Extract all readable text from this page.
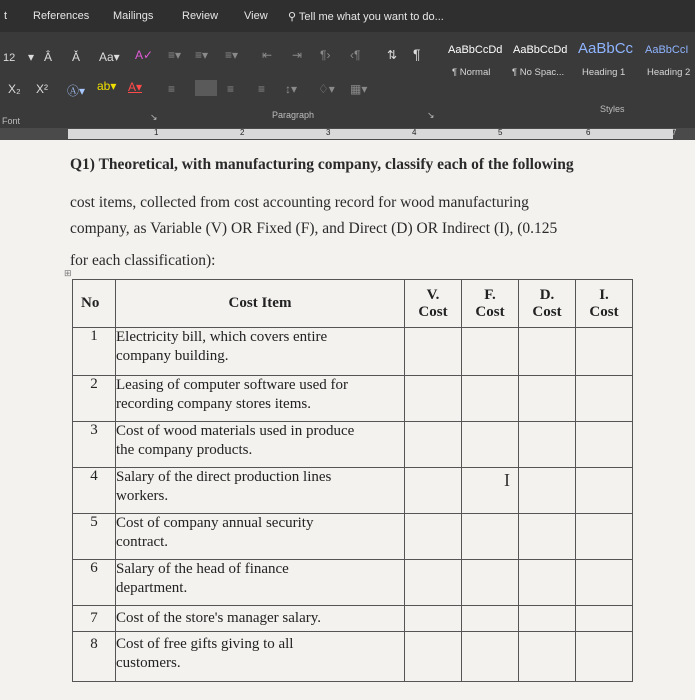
t References Mailings	Review View ⚲ Tell me what you want to do...
12 ▾ Â Ǎ Aa▾ A✓
X₂ X² Ⓐ▾ ab▾ A▾
≡▾ ≡▾ ≡▾ ⇤ ⇥ ¶› ‹¶ ⇅ ¶
≡	≡ ≡ ↕▾ ♢▾ ▦▾
Font	↘	Paragraph	↘
Styles
AaBbCcDd
¶ Normal
AaBbCcDd
¶ No Spac...
AaBbCc
Heading 1
AaBbCcI
Heading 2
1	2	3	4	5	6	7
Q1) Theoretical, with manufacturing company, classify each of the following
cost items, collected from cost accounting record for wood manufacturing
company, as Variable (V) OR Fixed (F), and Direct (D) OR Indirect (I), (0.125
for each classification):
⊞
No	Cost Item	V.
Cost	F.
Cost	D.
Cost	I.
Cost
1	Electricity bill, which covers entire
company building.				
2	Leasing of computer software used for
recording company stores items.				
3	Cost of wood materials used in produce
the company products.				
4	Salary of the direct production lines
workers.				
5	Cost of company annual security
contract.				
6	Salary of the head of finance
department.				
7	Cost of the store's manager salary.				
8	Cost of free gifts giving to all
customers.				
I
